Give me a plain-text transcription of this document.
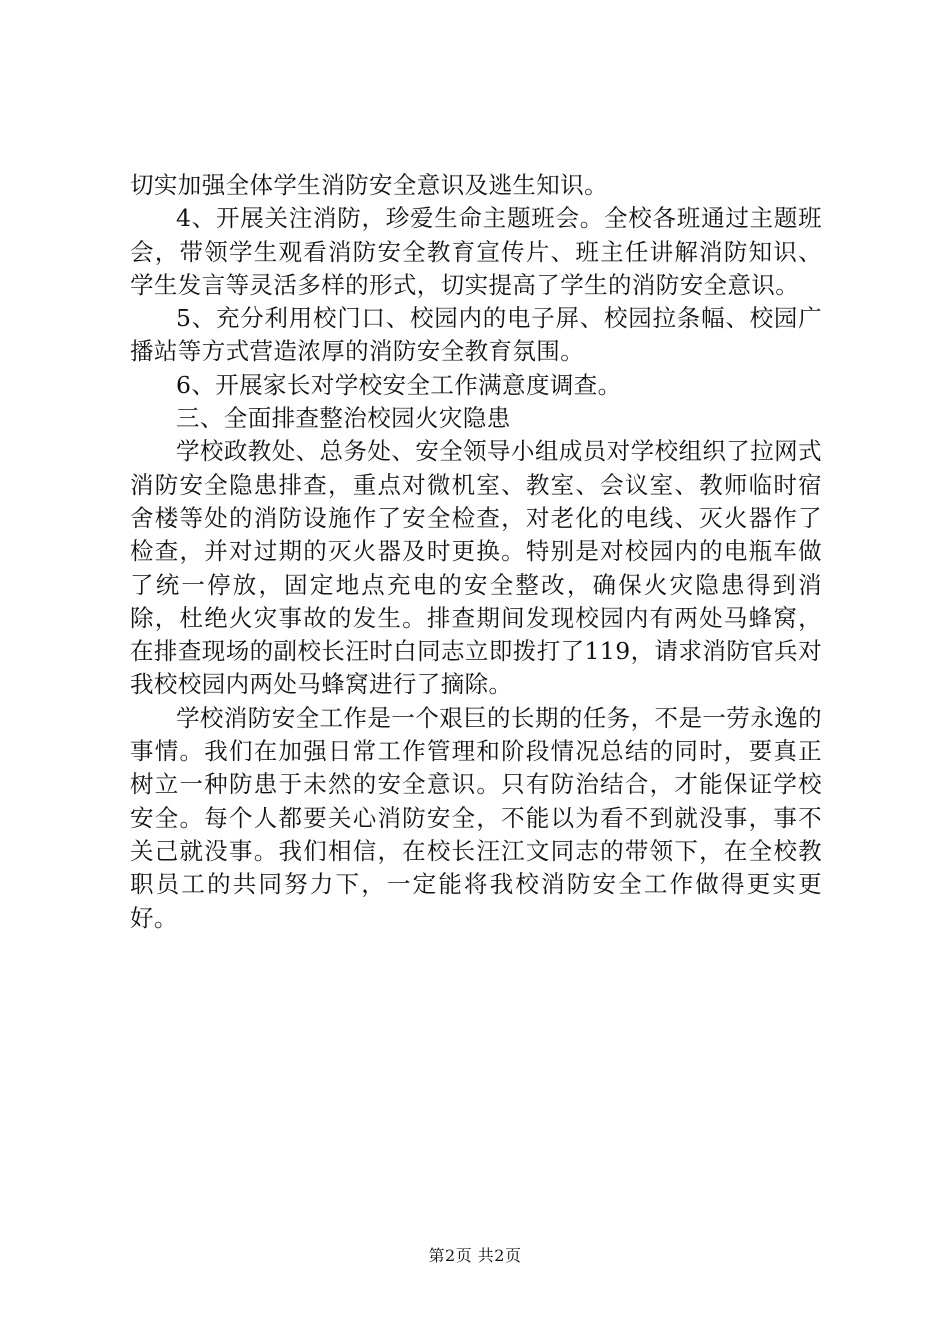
切实加强全体学生消防安全意识及逃生知识。

4、开展关注消防，珍爱生命主题班会。全校各班通过主题班会，带领学生观看消防安全教育宣传片、班主任讲解消防知识、学生发言等灵活多样的形式，切实提高了学生的消防安全意识。

5、充分利用校门口、校园内的电子屏、校园拉条幅、校园广播站等方式营造浓厚的消防安全教育氛围。

6、开展家长对学校安全工作满意度调查。

三、全面排查整治校园火灾隐患

学校政教处、总务处、安全领导小组成员对学校组织了拉网式消防安全隐患排查，重点对微机室、教室、会议室、教师临时宿舍楼等处的消防设施作了安全检查，对老化的电线、灭火器作了检查，并对过期的灭火器及时更换。特别是对校园内的电瓶车做了统一停放，固定地点充电的安全整改，确保火灾隐患得到消除，杜绝火灾事故的发生。排查期间发现校园内有两处马蜂窝，在排查现场的副校长汪时白同志立即拨打了119，请求消防官兵对我校校园内两处马蜂窝进行了摘除。

学校消防安全工作是一个艰巨的长期的任务，不是一劳永逸的事情。我们在加强日常工作管理和阶段情况总结的同时，要真正树立一种防患于未然的安全意识。只有防治结合，才能保证学校安全。每个人都要关心消防安全，不能以为看不到就没事，事不关己就没事。我们相信，在校长汪江文同志的带领下，在全校教职员工的共同努力下，一定能将我校消防安全工作做得更实更好。

第2页 共2页
